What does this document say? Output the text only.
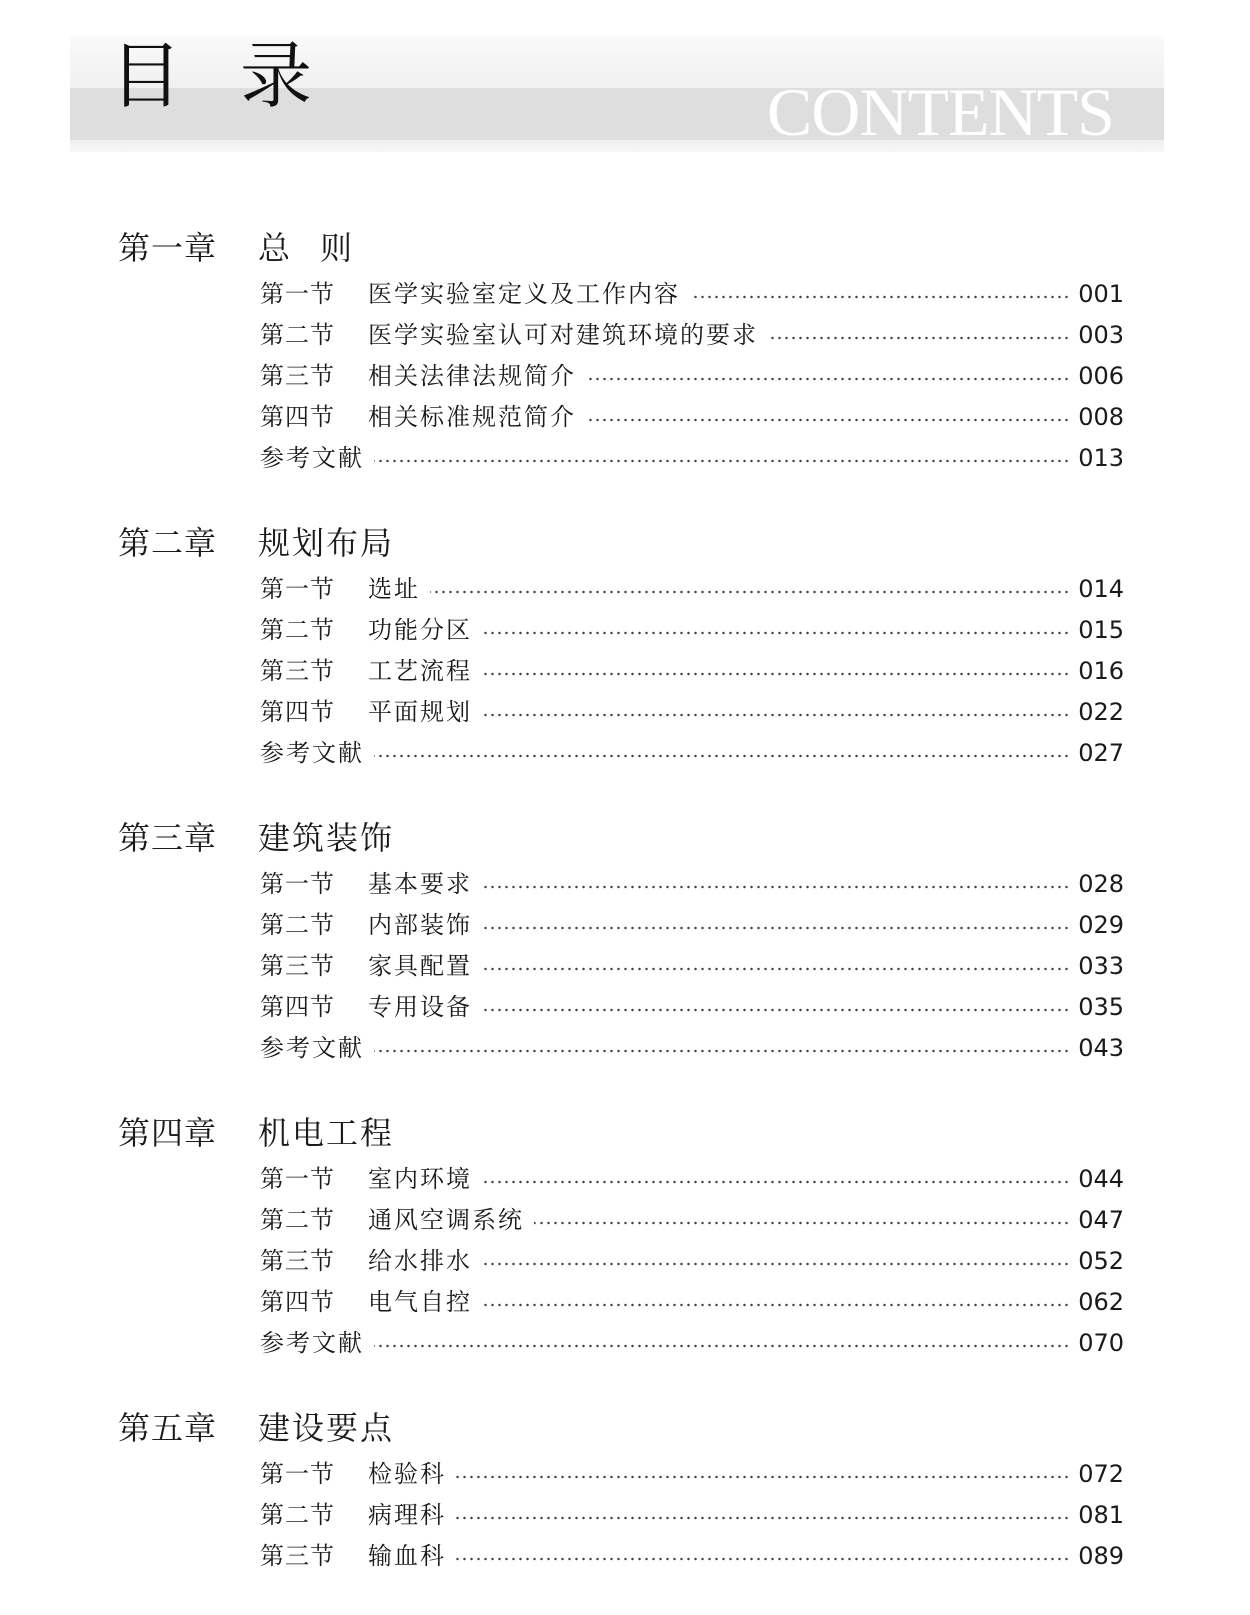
CONTENTS
目录
第一章	总则
第一节	医学实验室定义及工作内容	001
第二节	医学实验室认可对建筑环境的要求	003
第三节	相关法律法规简介	006
第四节	相关标准规范简介	008
参考文献	013
第二章	规划布局
第一节	选址	014
第二节	功能分区	015
第三节	工艺流程	016
第四节	平面规划	022
参考文献	027
第三章	建筑装饰
第一节	基本要求	028
第二节	内部装饰	029
第三节	家具配置	033
第四节	专用设备	035
参考文献	043
第四章	机电工程
第一节	室内环境	044
第二节	通风空调系统	047
第三节	给水排水	052
第四节	电气自控	062
参考文献	070
第五章	建设要点
第一节	检验科	072
第二节	病理科	081
第三节	输血科	089
